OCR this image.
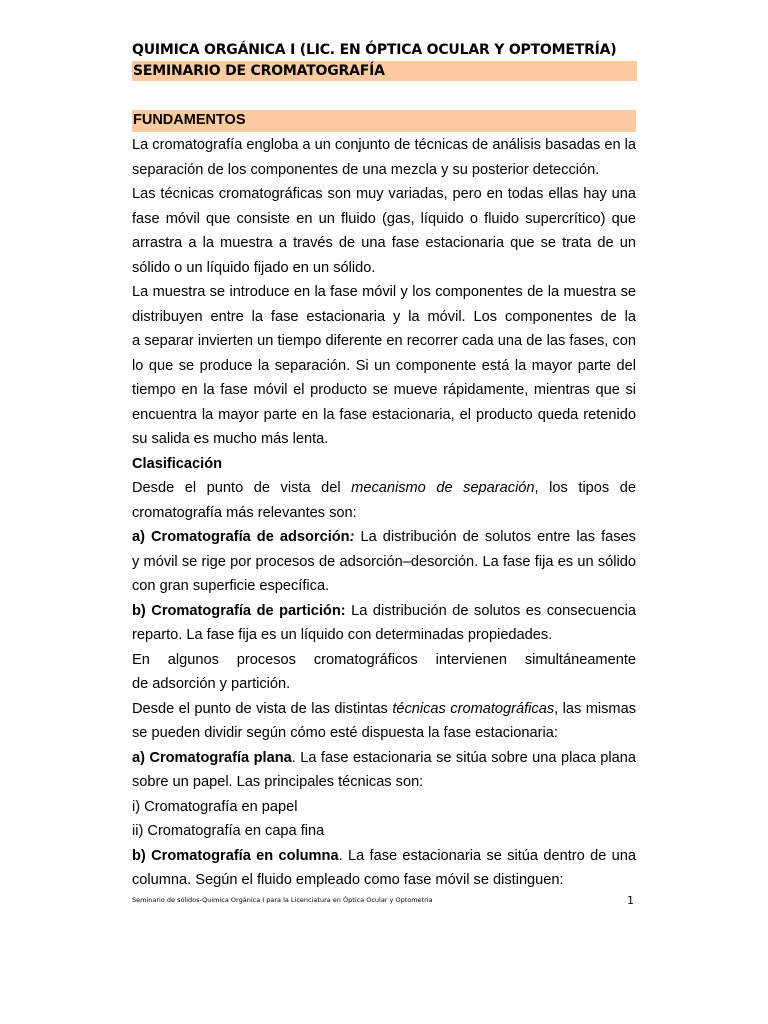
QUIMICA ORGÁNICA I (LIC. EN ÓPTICA OCULAR Y OPTOMETRÍA)
SEMINARIO DE CROMATOGRAFÍA
FUNDAMENTOS
La cromatografía engloba a un conjunto de técnicas de análisis basadas en la
separación de los componentes de una mezcla y su posterior detección.
Las técnicas cromatográficas son muy variadas, pero en todas ellas hay una
fase móvil que consiste en un fluido (gas, líquido o fluido supercrítico) que
arrastra a la muestra a través de una fase estacionaria que se trata de un
sólido o un líquido fijado en un sólido.
La muestra se introduce en la fase móvil y los componentes de la muestra se
distribuyen entre la fase estacionaria y la móvil. Los componentes de la
a separar invierten un tiempo diferente en recorrer cada una de las fases, con
lo que se produce la separación. Si un componente está la mayor parte del
tiempo en la fase móvil el producto se mueve rápidamente, mientras que si
encuentra la mayor parte en la fase estacionaria, el producto queda retenido
su salida es mucho más lenta.
Clasificación
Desde el punto de vista del mecanismo de separación, los tipos de
cromatografía más relevantes son:
a) Cromatografía de adsorción: La distribución de solutos entre las fases
y móvil se rige por procesos de adsorción–desorción. La fase fija es un sólido
con gran superficie específica.
b) Cromatografía de partición: La distribución de solutos es consecuencia
reparto. La fase fija es un líquido con determinadas propiedades.
En algunos procesos cromatográficos intervienen simultáneamente
de adsorción y partición.
Desde el punto de vista de las distintas técnicas cromatográficas, las mismas
se pueden dividir según cómo esté dispuesta la fase estacionaria:
a) Cromatografía plana. La fase estacionaria se sitúa sobre una placa plana
sobre un papel. Las principales técnicas son:
i) Cromatografía en papel
ii) Cromatografía en capa fina
b) Cromatografía en columna. La fase estacionaria se sitúa dentro de una
columna. Según el fluido empleado como fase móvil se distinguen:
Seminario de sólidos-Quimica Orgánica I para la Licenciatura en Óptica Ocular y Optometria	1
